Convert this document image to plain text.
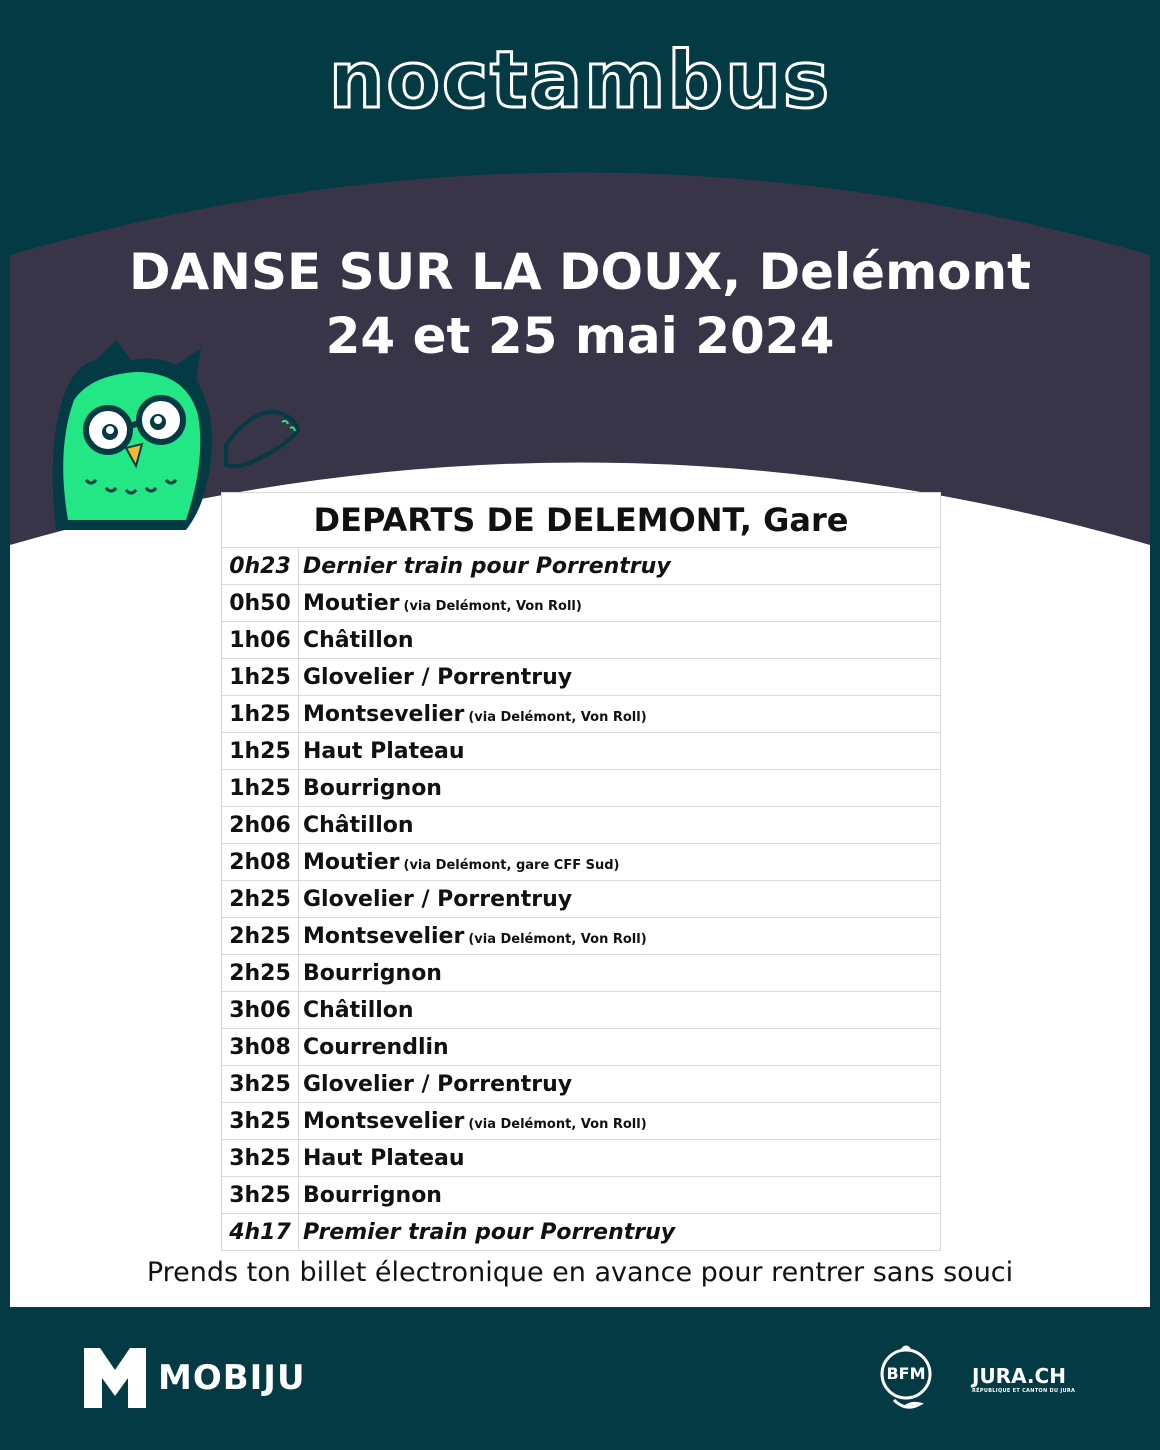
noctambus
DANSE SUR LA DOUX, Delémont
24 et 25 mai 2024
DEPARTS DE DELEMONT, Gare	
0h23	Dernier train pour Porrentruy
0h50	Moutier (via Delémont, Von Roll)
1h06	Châtillon
1h25	Glovelier / Porrentruy
1h25	Montsevelier (via Delémont, Von Roll)
1h25	Haut Plateau
1h25	Bourrignon
2h06	Châtillon
2h08	Moutier (via Delémont, gare CFF Sud)
2h25	Glovelier / Porrentruy
2h25	Montsevelier (via Delémont, Von Roll)
2h25	Bourrignon
3h06	Châtillon
3h08	Courrendlin
3h25	Glovelier / Porrentruy
3h25	Montsevelier (via Delémont, Von Roll)
3h25	Haut Plateau
3h25	Bourrignon
4h17	Premier train pour Porrentruy
Prends ton billet électronique en avance pour rentrer sans souci
MOBIJU	BFM	JURA.CH
RÉPUBLIQUE ET CANTON DU JURA
